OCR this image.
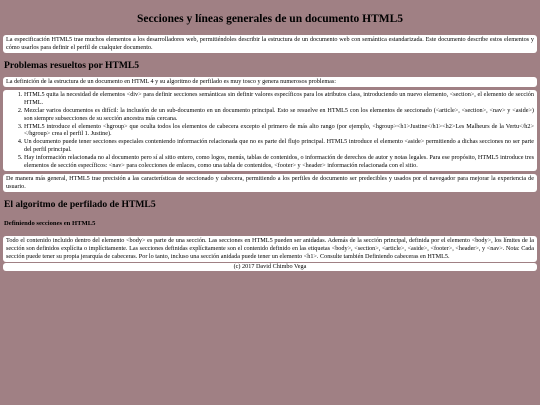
Secciones y líneas generales de un documento HTML5

La especificación HTML5 trae muchos elementos a los desarrolladores web, permitiéndoles describir la estructura de un documento web con semántica estandarizada. Este documento describe estos elementos y cómo usarlos para definir el perfil de cualquier documento.

Problemas resueltos por HTML5

La definición de la estructura de un documento en HTML 4 y su algoritmo de perfilado es muy tosco y genera numerosos problemas:

1. HTML5 quita la necesidad de elementos <div> para definir secciones semánticas sin definir valores específicos para los atributos class, introduciendo un nuevo elemento, <section>, el elemento de sección HTML.
2. Mezclar varios documentos es difícil: la inclusión de un sub-documento en un documento principal. Esto se resuelve en HTML5 con los elementos de seccionado (<article>, <section>, <nav> y <aside>) son siempre subsecciones de su sección ancestra más cercana.
3. HTML5 introduce el elemento <hgroup> que oculta todos los elementos de cabecera excepto el primero de más alto rango (por ejemplo, <hgroup><h1>Justine</h1><h2>Les Malheurs de la Vertu</h2></hgroup> crea el perfil 1. Justine).
4. Un documento puede tener secciones especiales conteniendo información relacionada que no es parte del flujo principal. HTML5 introduce el elemento <aside> permitiendo a dichas secciones no ser parte del perfil principal.
5. Hay información relacionada no al documento pero sí al sitio entero, como logos, menús, tablas de contenidos, o información de derechos de autor y notas legales. Para ese propósito, HTML5 introduce tres elementos de sección específicos: <nav> para colecciones de enlaces, como una tabla de contenidos, <footer> y <header> información relacionada con el sitio.

De manera más general, HTML5 trae precisión a las características de seccionado y cabecera, permitiendo a los perfiles de documento ser predecibles y usados por el navegador para mejorar la experiencia de usuario.

El algoritmo de perfilado de HTML5
Definiendo secciones en HTML5

Todo el contenido incluido dentro del elemento <body> es parte de una sección. Las secciones en HTML5 pueden ser anidadas. Además de la sección principal, definida por el elemento <body>, los límites de la sección son definidos explícita o implícitamente. Las secciones definidas explícitamente son el contenido definido en las etiquetas <body>, <section>, <article>, <aside>, <footer>, <header>, y <nav>. Nota: Cada sección puede tener su propia jerarquía de cabeceras. Por lo tanto, incluso una sección anidada puede tener un elemento <h1>. Consulte también Definiendo cabeceras en HTML5.

(c) 2017 David Chimbo Vega
